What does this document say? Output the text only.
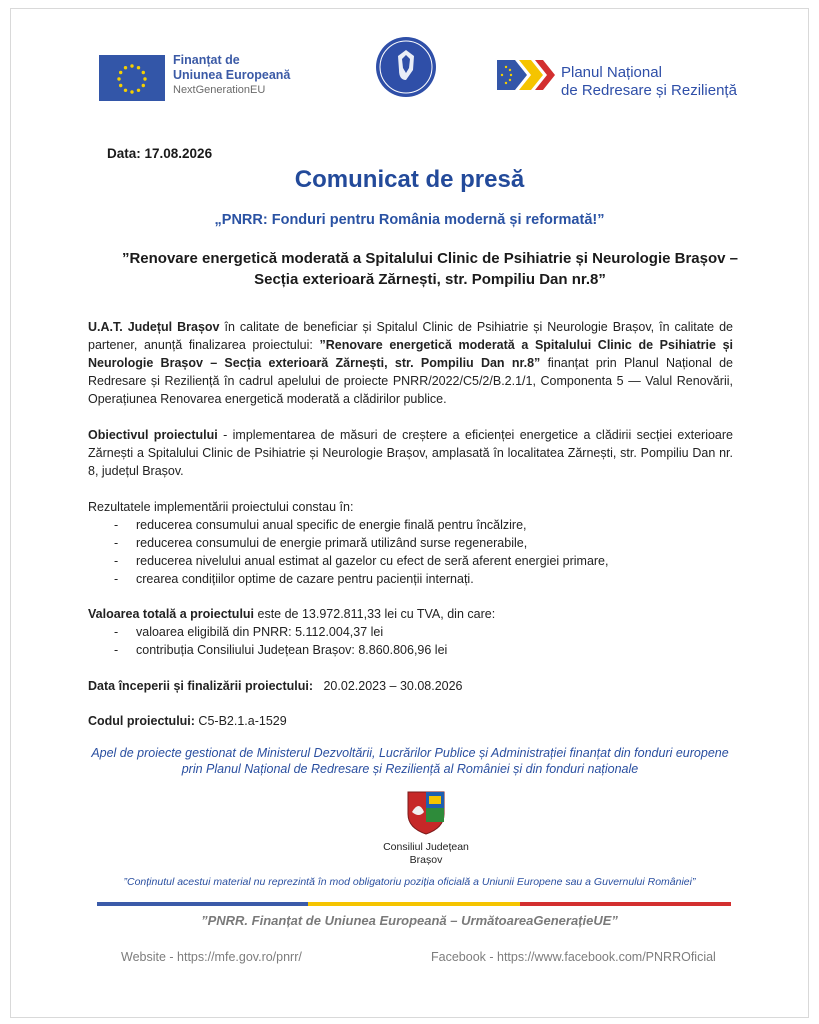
Finanțat de
Uniunea Europeană
NextGenerationEU
Planul Național
de Redresare și Reziliență
Data: 17.08.2026
Comunicat de presă
„PNRR: Fonduri pentru România modernă și reformată!”
”Renovare energetică moderată a Spitalului Clinic de Psihiatrie și Neurologie Brașov –
Secția exterioară Zărnești, str. Pompiliu Dan nr.8”
U.A.T. Județul Brașov în calitate de beneficiar și Spitalul Clinic de Psihiatrie și Neurologie Brașov, în calitate de partener, anunță finalizarea proiectului: ”Renovare energetică moderată a Spitalului Clinic de Psihiatrie și Neurologie Brașov – Secția exterioară Zărnești, str. Pompiliu Dan nr.8” finanțat prin Planul Național de Redresare și Reziliență în cadrul apelului de proiecte PNRR/2022/C5/2/B.2.1/1, Componenta 5 — Valul Renovării, Operațiunea Renovarea energetică moderată a clădirilor publice.
Obiectivul proiectului - implementarea de măsuri de creștere a eficienței energetice a clădirii secției exterioare Zărnești a Spitalului Clinic de Psihiatrie și Neurologie Brașov, amplasată în localitatea Zărnești, str. Pompiliu Dan nr. 8, județul Brașov.
Rezultatele implementării proiectului constau în:
- reducerea consumului anual specific de energie finală pentru încălzire,
- reducerea consumului de energie primară utilizând surse regenerabile,
- reducerea nivelului anual estimat al gazelor cu efect de seră aferent energiei primare,
- crearea condițiilor optime de cazare pentru pacienții internați.
Valoarea totală a proiectului este de 13.972.811,33 lei cu TVA, din care:
- valoarea eligibilă din PNRR: 5.112.004,37 lei
- contribuția Consiliului Județean Brașov: 8.860.806,96 lei
Data începerii și finalizării proiectului: 20.02.2023 – 30.08.2026
Codul proiectului: C5-B2.1.a-1529
Apel de proiecte gestionat de Ministerul Dezvoltării, Lucrărilor Publice și Administrației finanțat din fonduri europene
prin Planul Național de Redresare și Reziliență al României și din fonduri naționale
Consiliul Județean
Brașov
”Conținutul acestui material nu reprezintă în mod obligatoriu poziția oficială a Uniunii Europene sau a Guvernului României”
”PNRR. Finanțat de Uniunea Europeană – UrmătoareaGenerațieUE”
Website - https://mfe.gov.ro/pnrr/	Facebook - https://www.facebook.com/PNRROficial
